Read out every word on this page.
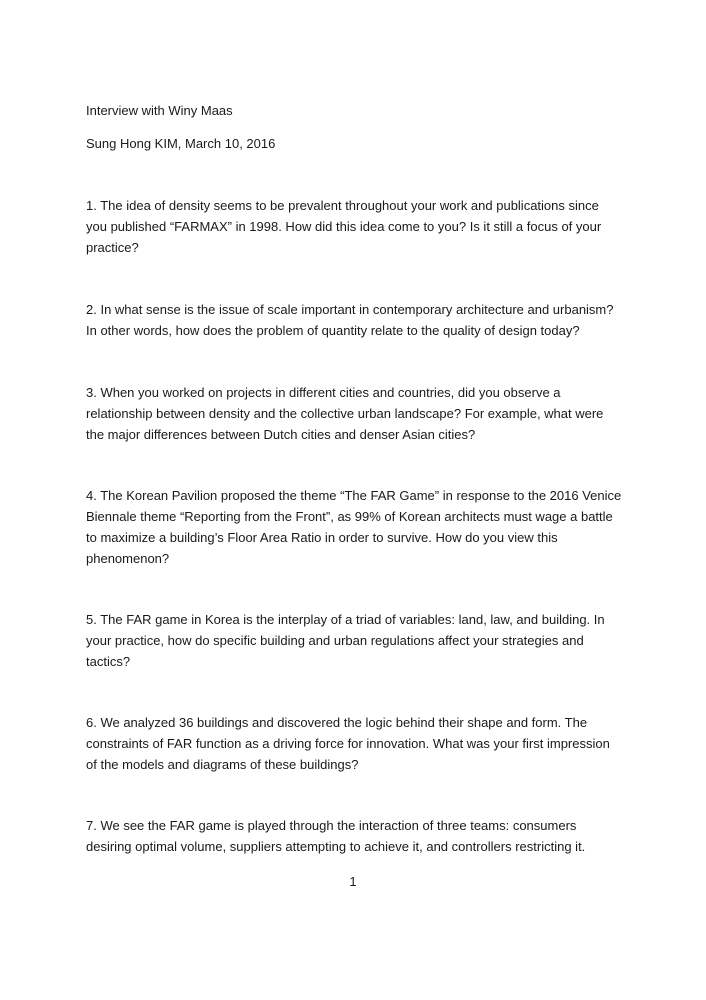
Interview with Winy Maas
Sung Hong KIM, March 10, 2016
1. The idea of density seems to be prevalent throughout your work and publications since
you published “FARMAX” in 1998. How did this idea come to you? Is it still a focus of your
practice?
2. In what sense is the issue of scale important in contemporary architecture and urbanism?
In other words, how does the problem of quantity relate to the quality of design today?
3. When you worked on projects in different cities and countries, did you observe a
relationship between density and the collective urban landscape? For example, what were
the major differences between Dutch cities and denser Asian cities?
4. The Korean Pavilion proposed the theme “The FAR Game” in response to the 2016 Venice
Biennale theme “Reporting from the Front”, as 99% of Korean architects must wage a battle
to maximize a building’s Floor Area Ratio in order to survive. How do you view this
phenomenon?
5. The FAR game in Korea is the interplay of a triad of variables: land, law, and building. In
your practice, how do specific building and urban regulations affect your strategies and
tactics?
6. We analyzed 36 buildings and discovered the logic behind their shape and form. The
constraints of FAR function as a driving force for innovation. What was your first impression
of the models and diagrams of these buildings?
7. We see the FAR game is played through the interaction of three teams: consumers
desiring optimal volume, suppliers attempting to achieve it, and controllers restricting it.
1
